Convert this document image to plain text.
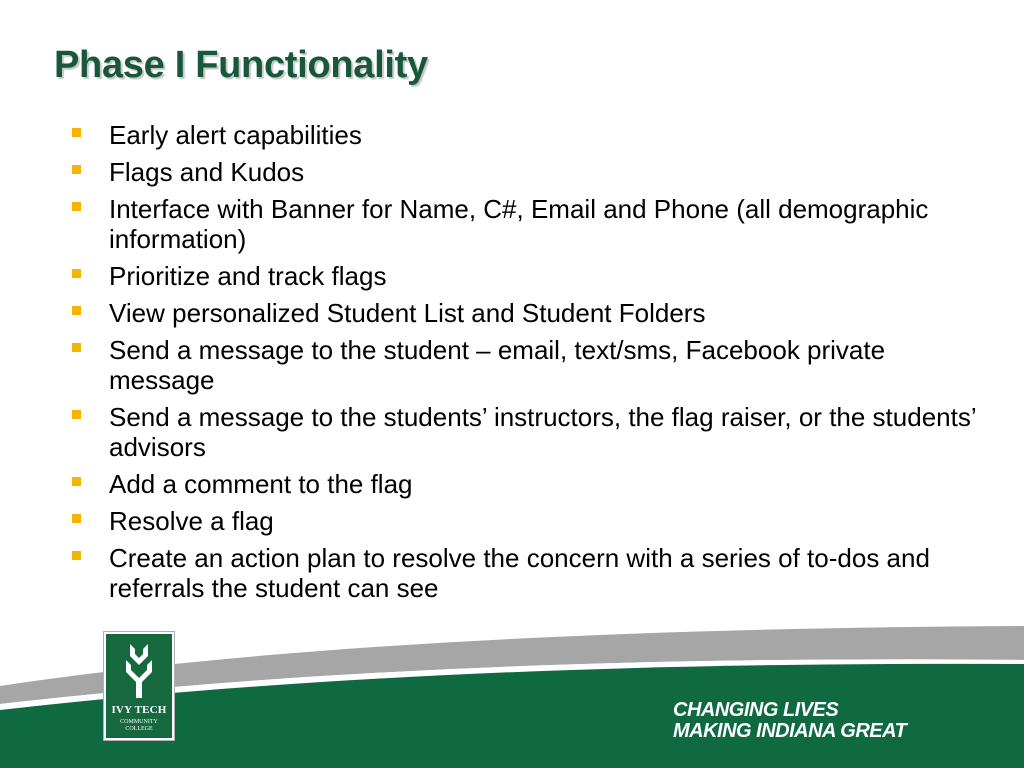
Phase I Functionality
Early alert capabilities
Flags and Kudos
Interface with Banner for Name, C#, Email and Phone (all demographic information)
Prioritize and track flags
View personalized Student List and Student Folders
Send a message to the student – email, text/sms, Facebook private message
Send a message to the students’ instructors, the flag raiser, or the students’ advisors
Add a comment to the flag
Resolve a flag
Create an action plan to resolve the concern with a series of to-dos and referrals the student can see
IVY TECH
COMMUNITY
COLLEGE
CHANGING LIVES
MAKING INDIANA GREAT
